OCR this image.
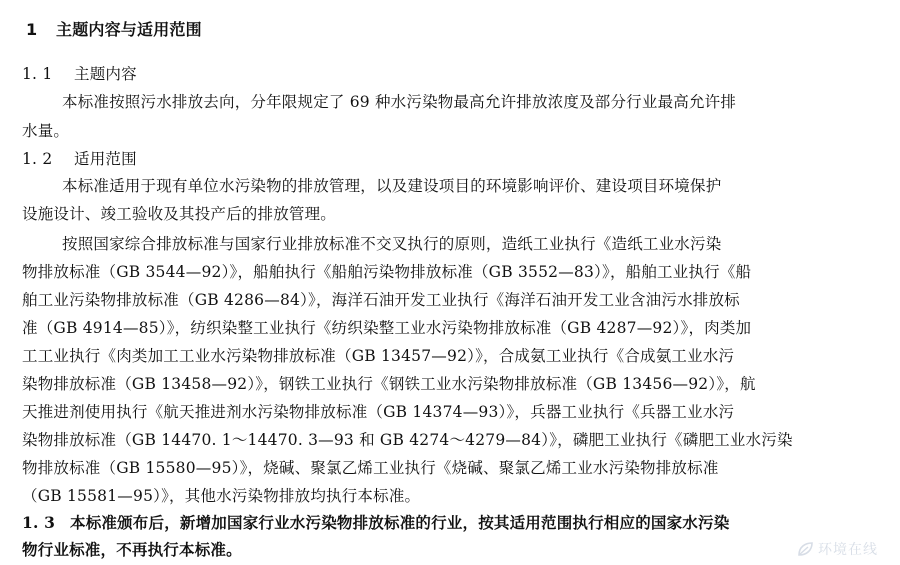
1 主题内容与适用范围
1. 1 主题内容
本标准按照污水排放去向，分年限规定了 69 种水污染物最高允许排放浓度及部分行业最高允许排
水量。
1. 2 适用范围
本标准适用于现有单位水污染物的排放管理，以及建设项目的环境影响评价、建设项目环境保护
设施设计、竣工验收及其投产后的排放管理。
按照国家综合排放标准与国家行业排放标准不交叉执行的原则，造纸工业执行《造纸工业水污染
物排放标准（GB 3544—92）》，船舶执行《船舶污染物排放标准（GB 3552—83）》，船舶工业执行《船
舶工业污染物排放标准（GB 4286—84）》，海洋石油开发工业执行《海洋石油开发工业含油污水排放标
准（GB 4914—85）》，纺织染整工业执行《纺织染整工业水污染物排放标准（GB 4287—92）》，肉类加
工工业执行《肉类加工工业水污染物排放标准（GB 13457—92）》，合成氨工业执行《合成氨工业水污
染物排放标准（GB 13458—92）》，钢铁工业执行《钢铁工业水污染物排放标准（GB 13456—92）》，航
天推进剂使用执行《航天推进剂水污染物排放标准（GB 14374—93）》，兵器工业执行《兵器工业水污
染物排放标准（GB 14470. 1～14470. 3—93 和 GB 4274～4279—84）》，磷肥工业执行《磷肥工业水污染
物排放标准（GB 15580—95）》，烧碱、聚氯乙烯工业执行《烧碱、聚氯乙烯工业水污染物排放标准
（GB 15581—95）》，其他水污染物排放均执行本标准。
1. 3 本标准颁布后，新增加国家行业水污染物排放标准的行业，按其适用范围执行相应的国家水污染
物行业标准，不再执行本标准。	环境在线
